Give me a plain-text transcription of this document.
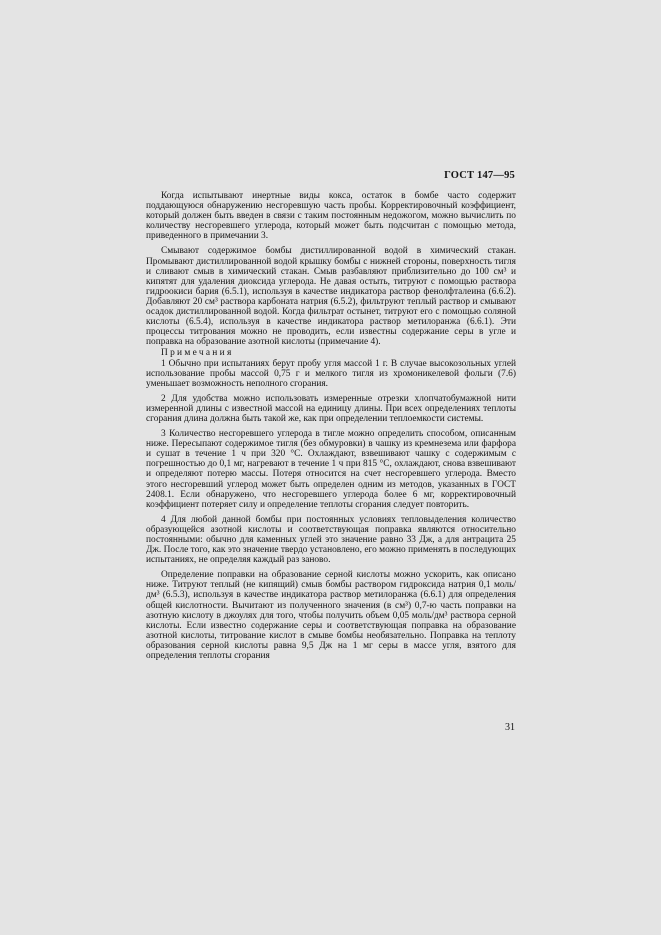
ГОСТ 147—95

Когда испытывают инертные виды кокса, остаток в бомбе часто содержит поддающуюся обнаружению несгоревшую часть пробы. Корректировочный коэффициент, который должен быть введен в связи с таким постоянным недожогом, можно вычислить по количеству несгоревшего углерода, который может быть подсчитан с помощью метода, приведенного в примечании 3.

Смывают содержимое бомбы дистиллированной водой в химический стакан. Промывают дистиллированной водой крышку бомбы с нижней стороны, поверхность тигля и сливают смыв в химический стакан. Смыв разбавляют приблизительно до 100 см³ и кипятят для удаления диоксида углерода. Не давая остыть, титруют с помощью раствора гидроокиси бария (6.5.1), используя в качестве индикатора раствор фенолфталеина (6.6.2). Добавляют 20 см³ раствора карбоната натрия (6.5.2), фильтруют теплый раствор и смывают осадок дистиллированной водой. Когда фильтрат остынет, титруют его с помощью соляной кислоты (6.5.4), используя в качестве индикатора раствор метилоранжа (6.6.1). Эти процессы титрования можно не проводить, если известны содержание серы в угле и поправка на образование азотной кислоты (примечание 4).

Примечания

1 Обычно при испытаниях берут пробу угля массой 1 г. В случае высокозольных углей использование пробы массой 0,75 г и мелкого тигля из хромоникелевой фольги (7.6) уменьшает возможность неполного сгорания.

2 Для удобства можно использовать измеренные отрезки хлопчатобумажной нити измеренной длины с известной массой на единицу длины. При всех определениях теплоты сгорания длина должна быть такой же, как при определении теплоемкости системы.

3 Количество несгоревшего углерода в тигле можно определить способом, описанным ниже. Пересыпают содержимое тигля (без обмуровки) в чашку из кремнезема или фарфора и сушат в течение 1 ч при 320 °С. Охлаждают, взвешивают чашку с содержимым с погрешностью до 0,1 мг, нагревают в течение 1 ч при 815 °С, охлаждают, снова взвешивают и определяют потерю массы. Потеря относится на счет несгоревшего углерода. Вместо этого несгоревший углерод может быть определен одним из методов, указанных в ГОСТ 2408.1. Если обнаружено, что несгоревшего углерода более 6 мг, корректировочный коэффициент потеряет силу и определение теплоты сгорания следует повторить.

4 Для любой данной бомбы при постоянных условиях тепловыделения количество образующейся азотной кислоты и соответствующая поправка являются относительно постоянными: обычно для каменных углей это значение равно 33 Дж, а для антрацита 25 Дж. После того, как это значение твердо установлено, его можно применять в последующих испытаниях, не определяя каждый раз заново.

Определение поправки на образование серной кислоты можно ускорить, как описано ниже. Титруют теплый (не кипящий) смыв бомбы раствором гидроксида натрия 0,1 моль/дм³ (6.5.3), используя в качестве индикатора раствор метилоранжа (6.6.1) для определения общей кислотности. Вычитают из полученного значения (в см³) 0,7-ю часть поправки на азотную кислоту в джоулях для того, чтобы получить объем 0,05 моль/дм³ раствора серной кислоты. Если известно содержание серы и соответствующая поправка на образование азотной кислоты, титрование кислот в смыве бомбы необязательно. Поправка на теплоту образования серной кислоты равна 9,5 Дж на 1 мг серы в массе угля, взятого для определения теплоты сгорания

31
